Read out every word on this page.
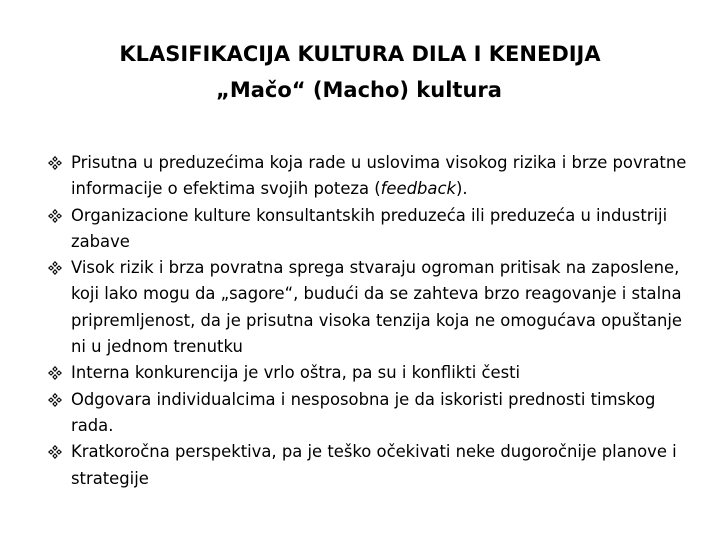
KLASIFIKACIJA KULTURA DILA I KENEDIJA
„Mačo“ (Macho) kultura
Prisutna u preduzećima koja rade u uslovima visokog rizika i brze povratne informacije o efektima svojih poteza (feedback).
Organizacione kulture konsultantskih preduzeća ili preduzeća u industriji zabave
Visok rizik i brza povratna sprega stvaraju ogroman pritisak na zaposlene, koji lako mogu da „sagore“, budući da se zahteva brzo reagovanje i stalna pripremljenost, da je prisutna visoka tenzija koja ne omogućava opuštanje ni u jednom trenutku
Interna konkurencija je vrlo oštra, pa su i konflikti česti
Odgovara individualcima i nesposobna je da iskoristi prednosti timskog rada.
Kratkoročna perspektiva, pa je teško očekivati neke dugoročnije planove i strategije
